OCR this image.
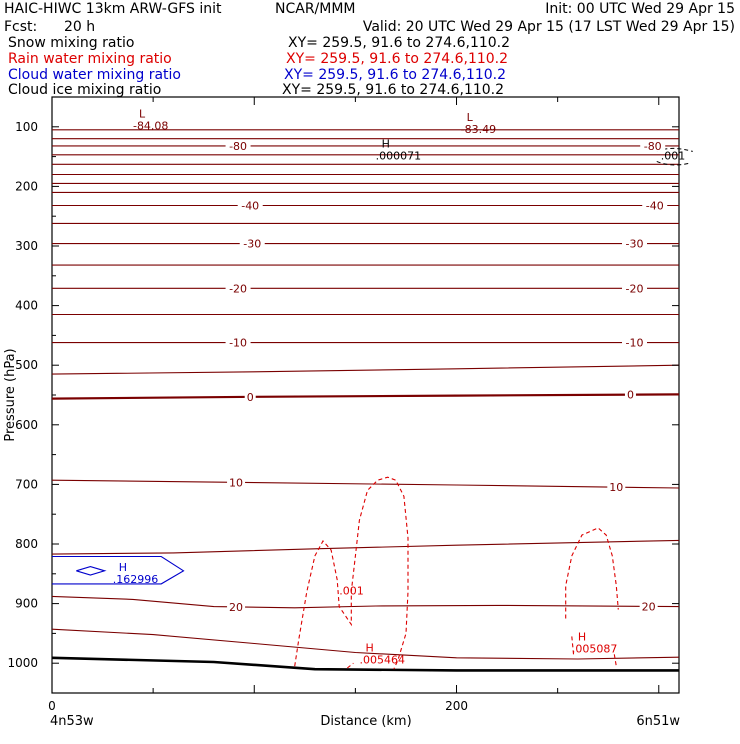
HAIC-HIWC 13km ARW-GFS init	NCAR/MMM	Init: 00 UTC Wed 29 Apr 15
Fcst: 20 h	Valid: 20 UTC Wed 29 Apr 15 (17 LST Wed 29 Apr 15)
Snow mixing ratio	XY= 259.5, 91.6 to 274.6,110.2
Rain water mixing ratio	XY= 259.5, 91.6 to 274.6,110.2
Cloud water mixing ratio	XY= 259.5, 91.6 to 274.6,110.2
Cloud ice mixing ratio	XY= 259.5, 91.6 to 274.6,110.2
-80	-80
-40	-40
-30	-30
-20	-20
-10	-10
0	0
10	10
20	20
.001
.001
L
-84.08
L
-83.49
H
.000071
H
.162996
H
.005464
H
.005087
100
200
300
400
500
600
700
800
900
1000
0	200
Pressure (hPa)
Distance (km)
4n53w	6n51w
